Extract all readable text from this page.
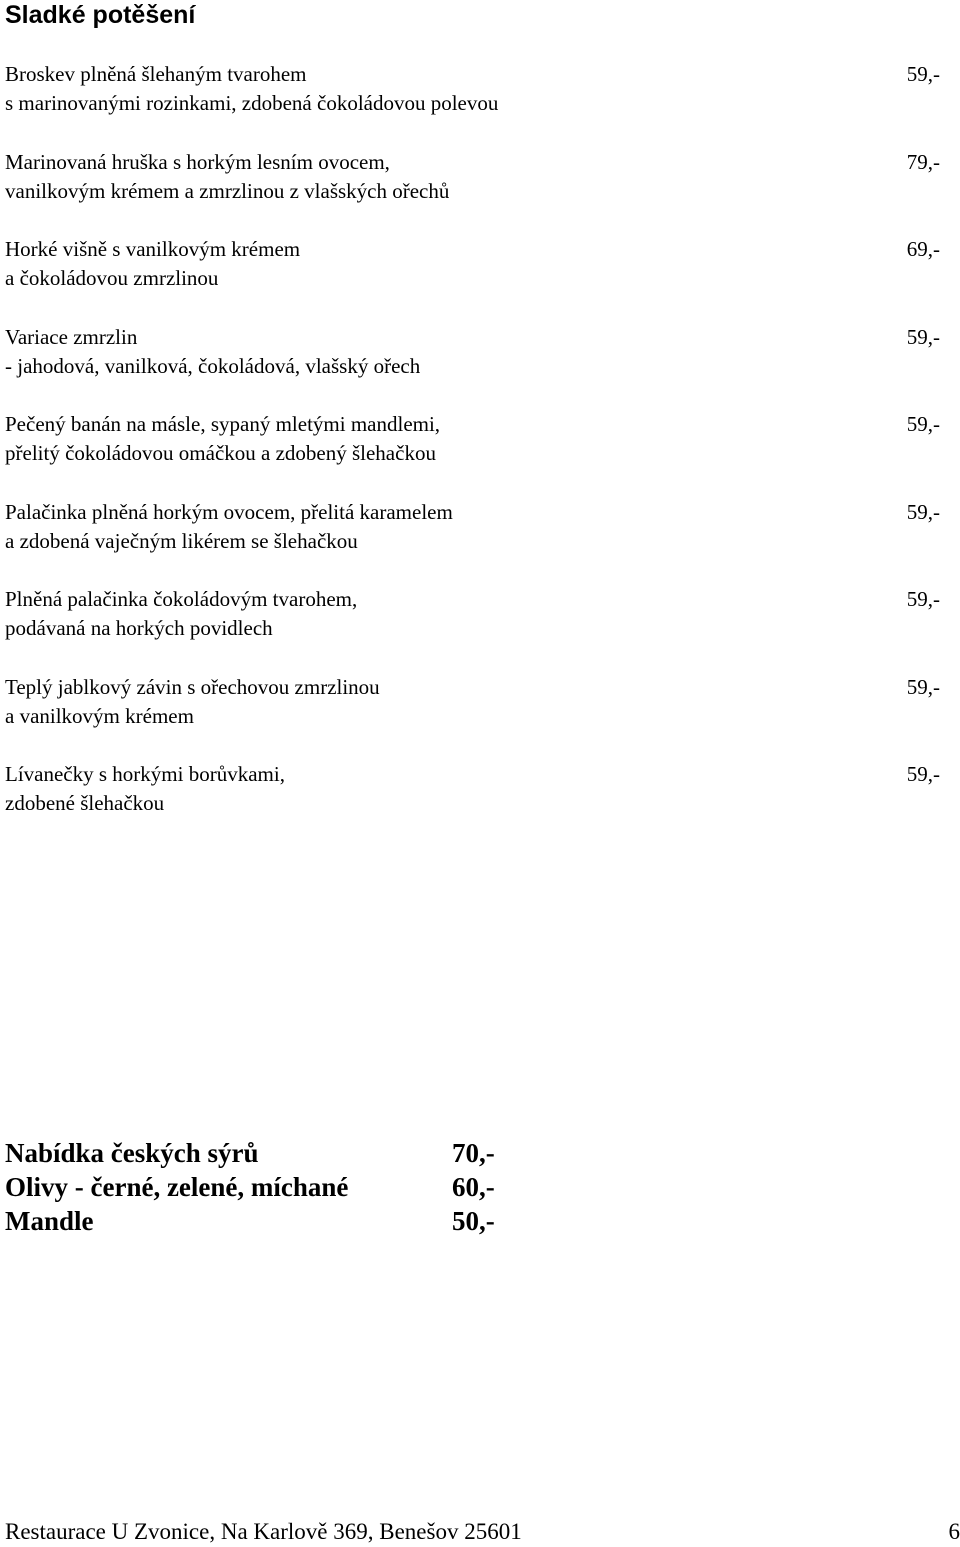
Sladké potěšení
Broskev plněná šlehaným tvarohem
s marinovanými rozinkami, zdobená čokoládovou polevou
59,-
Marinovaná hruška s horkým lesním ovocem,
vanilkovým krémem a zmrzlinou z vlašských ořechů
79,-
Horké višně s vanilkovým krémem
a čokoládovou zmrzlinou
69,-
Variace zmrzlin
- jahodová, vanilková, čokoládová, vlašský ořech
59,-
Pečený banán na másle, sypaný mletými mandlemi,
přelitý čokoládovou omáčkou a zdobený šlehačkou
59,-
Palačinka plněná horkým ovocem, přelitá karamelem
a zdobená vaječným likérem se šlehačkou
59,-
Plněná palačinka čokoládovým tvarohem,
podávaná na horkých povidlech
59,-
Teplý jablkový závin s ořechovou zmrzlinou
a vanilkovým krémem
59,-
Lívanečky s horkými borůvkami,
zdobené šlehačkou
59,-
Nabídka českých sýrů	70,-
Olivy - černé, zelené, míchané	60,-
Mandle	50,-
Restaurace U Zvonice, Na Karlově 369, Benešov 25601	6
